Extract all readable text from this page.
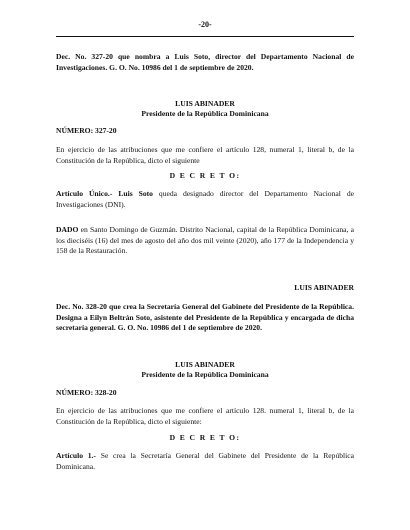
-20-
Dec. No. 327-20 que nombra a Luis Soto, director del Departamento Nacional de Investigaciones. G. O. No. 10986 del 1 de septiembre de 2020.
LUIS ABINADER
Presidente de la República Dominicana
NÚMERO: 327-20
En ejercicio de las atribuciones que me confiere el artículo 128, numeral 1, literal b, de la Constitución de la República, dicto el siguiente
D E C R E T O:
Artículo Único.- Luis Soto queda designado director del Departamento Nacional de Investigaciones (DNI).
DADO en Santo Domingo de Guzmán. Distrito Nacional, capital de la República Dominicana, a los dieciséis (16) del mes de agosto del año dos mil veinte (2020), año 177 de la Independencia y 158 de la Restauración.
LUIS ABINADER
Dec. No. 328-20 que crea la Secretaría General del Gabinete del Presidente de la República. Designa a Eilyn Beltrán Soto, asistente del Presidente de la República y encargada de dicha secretaría general. G. O. No. 10986 del 1 de septiembre de 2020.
LUIS ABINADER
Presidente de la República Dominicana
NÚMERO: 328-20
En ejercicio de las atribuciones que me confiere el artículo 128. numeral 1, literal b, de la Constitución de la República, dicto el siguiente:
D E C R E T O:
Artículo 1.- Se crea la Secretaría General del Gabinete del Presidente de la República Dominicana.
